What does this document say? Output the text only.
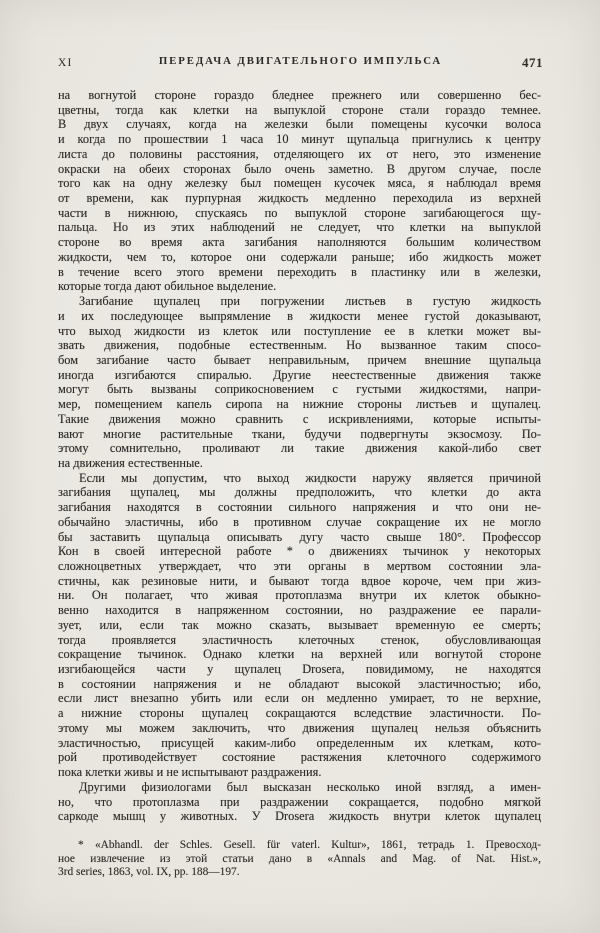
XI	ПЕРЕДАЧА ДВИГАТЕЛЬНОГО ИМПУЛЬСА	471
на вогнутой стороне гораздо бледнее прежнего или совершенно бес-
цветны, тогда как клетки на выпуклой стороне стали гораздо темнее.
В двух случаях, когда на железки были помещены кусочки волоса
и когда по прошествии 1 часа 10 минут щупальца пригнулись к центру
листа до половины расстояния, отделяющего их от него, это изменение
окраски на обеих сторонах было очень заметно. В другом случае, после
того как на одну железку был помещен кусочек мяса, я наблюдал время
от времени, как пурпурная жидкость медленно переходила из верхней
части в нижнюю, спускаясь по выпуклой стороне загибающегося щу-
пальца. Но из этих наблюдений не следует, что клетки на выпуклой
стороне во время акта загибания наполняются большим количеством
жидкости, чем то, которое они содержали раньше; ибо жидкость может
в течение всего этого времени переходить в пластинку или в железки,
которые тогда дают обильное выделение.
Загибание щупалец при погружении листьев в густую жидкость
и их последующее выпрямление в жидкости менее густой доказывают,
что выход жидкости из клеток или поступление ее в клетки может вы-
звать движения, подобные естественным. Но вызванное таким спосо-
бом загибание часто бывает неправильным, причем внешние щупальца
иногда изгибаются спиралью. Другие неестественные движения также
могут быть вызваны соприкосновением с густыми жидкостями, напри-
мер, помещением капель сиропа на нижние стороны листьев и щупалец.
Такие движения можно сравнить с искривлениями, которые испыты-
вают многие растительные ткани, будучи подвергнуты экзосмозу. По-
этому сомнительно, проливают ли такие движения какой-либо свет
на движения естественные.
Если мы допустим, что выход жидкости наружу является причиной
загибания щупалец, мы должны предположить, что клетки до акта
загибания находятся в состоянии сильного напряжения и что они не-
обычайно эластичны, ибо в противном случае сокращение их не могло
бы заставить щупальца описывать дугу часто свыше 180°. Профессор
Кон в своей интересной работе * о движениях тычинок у некоторых
сложноцветных утверждает, что эти органы в мертвом состоянии эла-
стичны, как резиновые нити, и бывают тогда вдвое короче, чем при жиз-
ни. Он полагает, что живая протоплазма внутри их клеток обыкно-
венно находится в напряженном состоянии, но раздражение ее парали-
зует, или, если так можно сказать, вызывает временную ее смерть;
тогда проявляется эластичность клеточных стенок, обусловливающая
сокращение тычинок. Однако клетки на верхней или вогнутой стороне
изгибающейся части у щупалец Drosera, повидимому, не находятся
в состоянии напряжения и не обладают высокой эластичностью; ибо,
если лист внезапно убить или если он медленно умирает, то не верхние,
а нижние стороны щупалец сокращаются вследствие эластичности. По-
этому мы можем заключить, что движения щупалец нельзя объяснить
эластичностью, присущей каким-либо определенным их клеткам, кото-
рой противодействует состояние растяжения клеточного содержимого
пока клетки живы и не испытывают раздражения.
Другими физиологами был высказан несколько иной взгляд, а имен-
но, что протоплазма при раздражении сокращается, подобно мягкой
саркоде мышц у животных. У Drosera жидкость внутри клеток щупалец
* «Abhandl. der Schles. Gesell. für vaterl. Kultur», 1861, тетрадь 1. Превосход-
ное извлечение из этой статьи дано в «Annals and Mag. of Nat. Hist.»,
3rd series, 1863, vol. IX, pp. 188—197.
